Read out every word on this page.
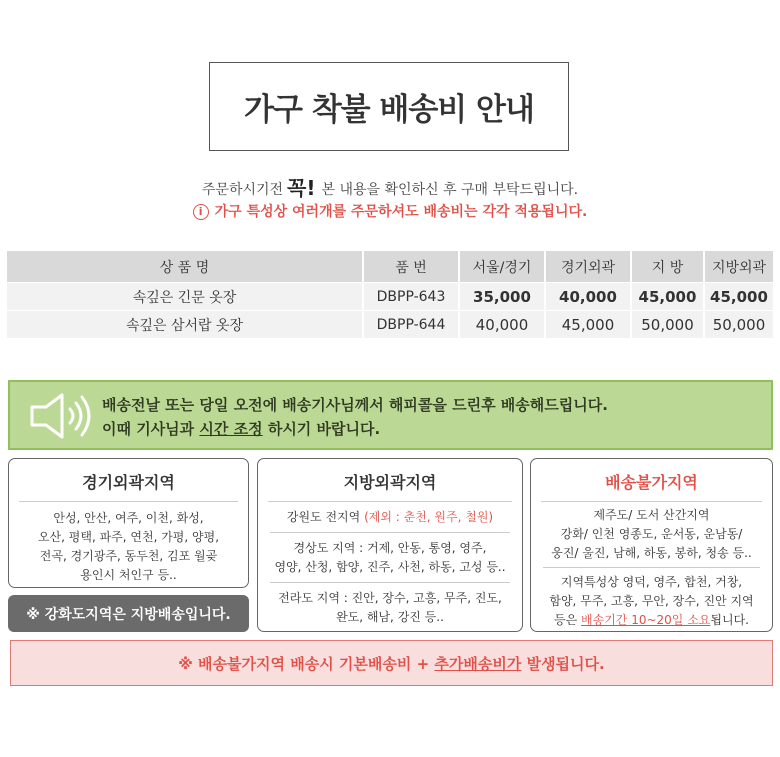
가구 착불 배송비 안내
주문하시기전 꼭! 본 내용을 확인하신 후 구매 부탁드립니다.
i 가구 특성상 여러개를 주문하셔도 배송비는 각각 적용됩니다.
상 품 명	품 번	서울/경기	경기외곽	지 방	지방외곽
속깊은 긴문 옷장	DBPP-643	35,000	40,000	45,000	45,000
속깊은 삼서랍 옷장	DBPP-644	40,000	45,000	50,000	50,000
배송전날 또는 당일 오전에 배송기사님께서 해피콜을 드린후 배송해드립니다.
이때 기사님과 시간 조정 하시기 바랍니다.
경기외곽지역

안성, 안산, 여주, 이천, 화성,
오산, 평택, 파주, 연천, 가평, 양평,
전곡, 경기광주, 동두천, 김포 월곶
용인시 처인구 등..

※ 강화도지역은 지방배송입니다.
지방외곽지역

강원도 전지역 (제외 : 춘천, 원주, 철원)

경상도 지역 : 거제, 안동, 통영, 영주,
영양, 산청, 함양, 진주, 사천, 하동, 고성 등..

전라도 지역 : 진안, 장수, 고흥, 무주, 진도,
완도, 해남, 강진 등..

배송불가지역

제주도/ 도서 산간지역
강화/ 인천 영종도, 운서동, 운남동/
웅진/ 울진, 남해, 하동, 봉하, 청송 등..

지역특성상 영덕, 영주, 합천, 거창,
함양, 무주, 고흥, 무안, 장수, 진안 지역
등은 배송기간 10~20일 소요됩니다.

※ 배송불가지역 배송시 기본배송비 +
추가배송비가
발생됩니다.
